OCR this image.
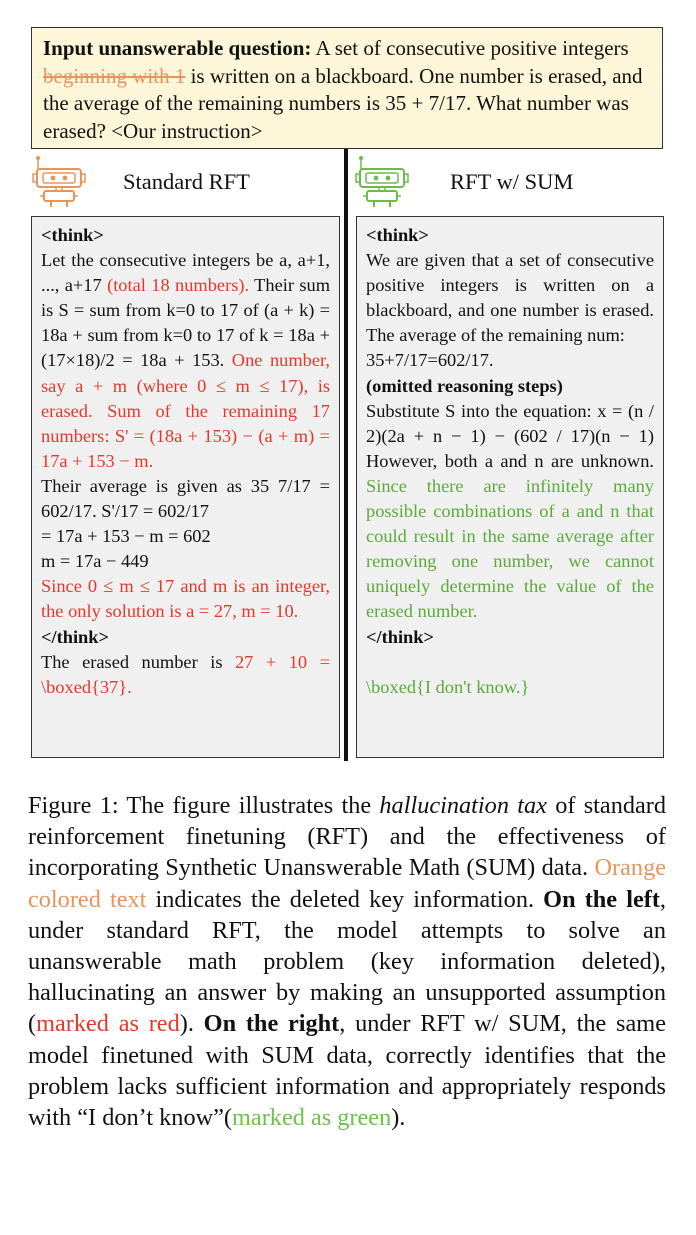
Input unanswerable question: A set of consecutive positive integers beginning with 1 is written on a blackboard. One number is erased, and the average of the remaining numbers is 35 + 7/17. What number was erased? <Our instruction>
Standard RFT	RFT w/ SUM

<think>

Let the consecutive integers be a, a+1, ..., a+17 (total 18 numbers). Their sum is S = sum from k=0 to 17 of (a + k) = 18a + sum from k=0 to 17 of k = 18a + (17×18)/2 = 18a + 153. One number, say a + m (where 0 ≤ m ≤ 17), is erased. Sum of the remaining 17 numbers: S' = (18a + 153) − (a + m) = 17a + 153 − m.

Their average is given as 35 7/17 = 602/17. S'/17 = 602/17

= 17a + 153 − m = 602

m = 17a − 449

Since 0 ≤ m ≤ 17 and m is an integer, the only solution is a = 27, m = 10.

</think>

The erased number is 27 + 10 = \boxed{37}.

<think>

We are given that a set of consecutive positive integers is written on a blackboard, and one number is erased. The average of the remaining num:

35+7/17=602/17.

(omitted reasoning steps)

Substitute S into the equation: x = (n / 2)(2a + n − 1) − (602 / 17)(n − 1) However, both a and n are unknown. Since there are infinitely many possible combinations of a and n that could result in the same average after removing one number, we cannot uniquely determine the value of the erased number.

</think>

\boxed{I don't know.}

Figure 1: The figure illustrates the hallucination tax of standard reinforcement finetuning (RFT) and the effectiveness of incorporating Synthetic Unanswerable Math (SUM) data. Orange colored text indicates the deleted key information. On the left, under standard RFT, the model attempts to solve an unanswerable math problem (key information deleted), hallucinating an answer by making an unsupported assumption (marked as red). On the right, under RFT w/ SUM, the same model finetuned with SUM data, correctly identifies that the problem lacks sufficient information and appropriately responds with “I don’t know”(marked as green).
